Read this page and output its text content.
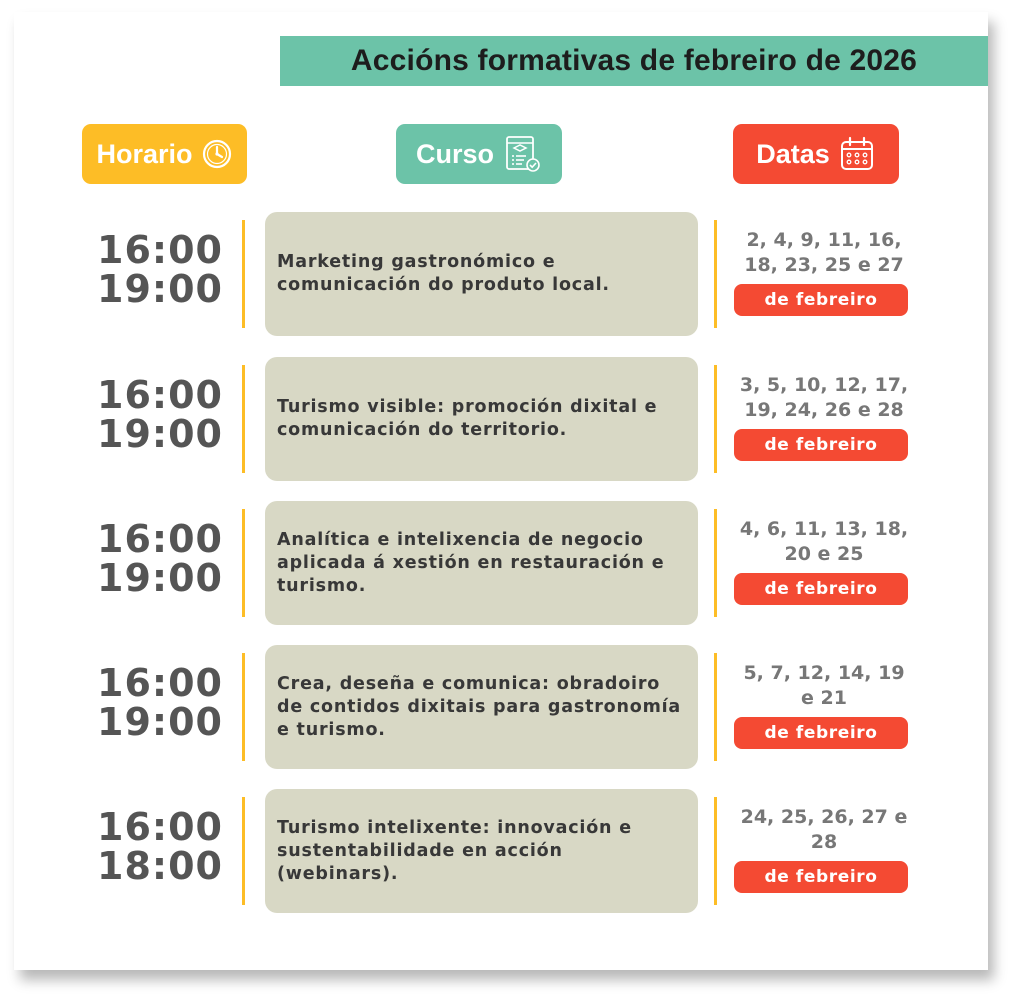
Accións formativas de febreiro de 2026
Horario	Curso	Datas
16:00
19:00
Marketing gastronómico e comunicación do produto local.
2, 4, 9, 11, 16, 18, 23, 25 e 27
de febreiro
16:00
19:00
Turismo visible: promoción dixital e comunicación do territorio.
3, 5, 10, 12, 17, 19, 24, 26 e 28
de febreiro
16:00
19:00
Analítica e intelixencia de negocio aplicada á xestión en restauración e turismo.
4, 6, 11, 13, 18, 20 e 25
de febreiro
16:00
19:00
Crea, deseña e comunica: obradoiro de contidos dixitais para gastronomía e turismo.
5, 7, 12, 14, 19 e 21
de febreiro
16:00
18:00
Turismo intelixente: innovación e sustentabilidade en acción (webinars).
24, 25, 26, 27 e 28
de febreiro
